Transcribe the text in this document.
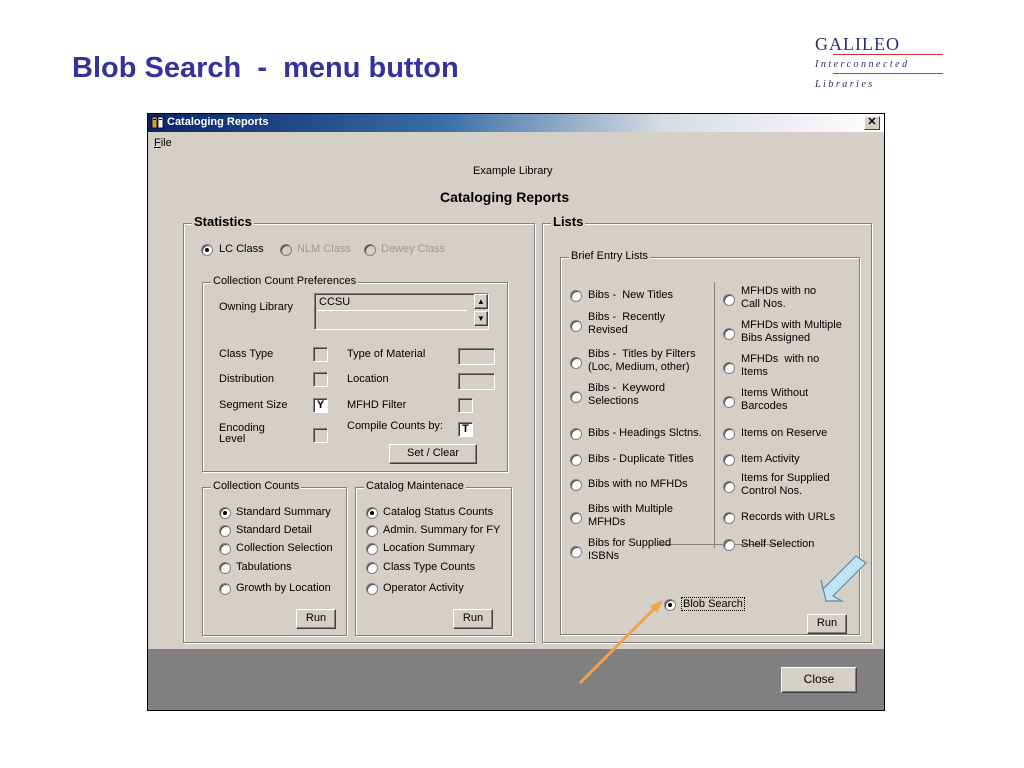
Blob Search  -  menu button
GALILEO
Interconnected
Libraries
Cataloging Reports	✕
File
Example Library
Cataloging Reports
Statistics
LC Class	NLM Class	Dewey Class
Collection Count Preferences
Owning Library CCSU	▲
▼
Class Type	Type of Material
Distribution	Location
Segment Size	Y	MFHD Filter
Encoding
Level
Compile Counts by:	T
Set / Clear
Collection Counts
Standard Summary
Standard Detail
Collection Selection
Tabulations
Growth by Location
Run
Catalog Maintenace
Catalog Status Counts
Admin. Summary for FY
Location Summary
Class Type Counts
Operator Activity
Run
Lists
Brief Entry Lists
Bibs -  New Titles
Bibs -  Recently
Revised
Bibs -  Titles by Filters
(Loc, Medium, other)
Bibs -  Keyword
Selections
Bibs - Headings Slctns.
Bibs - Duplicate Titles
Bibs with no MFHDs
Bibs with Multiple
MFHDs
Bibs for Supplied
ISBNs
MFHDs with no
Call Nos.
MFHDs with Multiple
Bibs Assigned
MFHDs  with no
Items
Items Without
Barcodes
Items on Reserve
Item Activity
Items for Supplied
Control Nos.
Records with URLs
Shelf Selection
Blob Search
Run
Close
